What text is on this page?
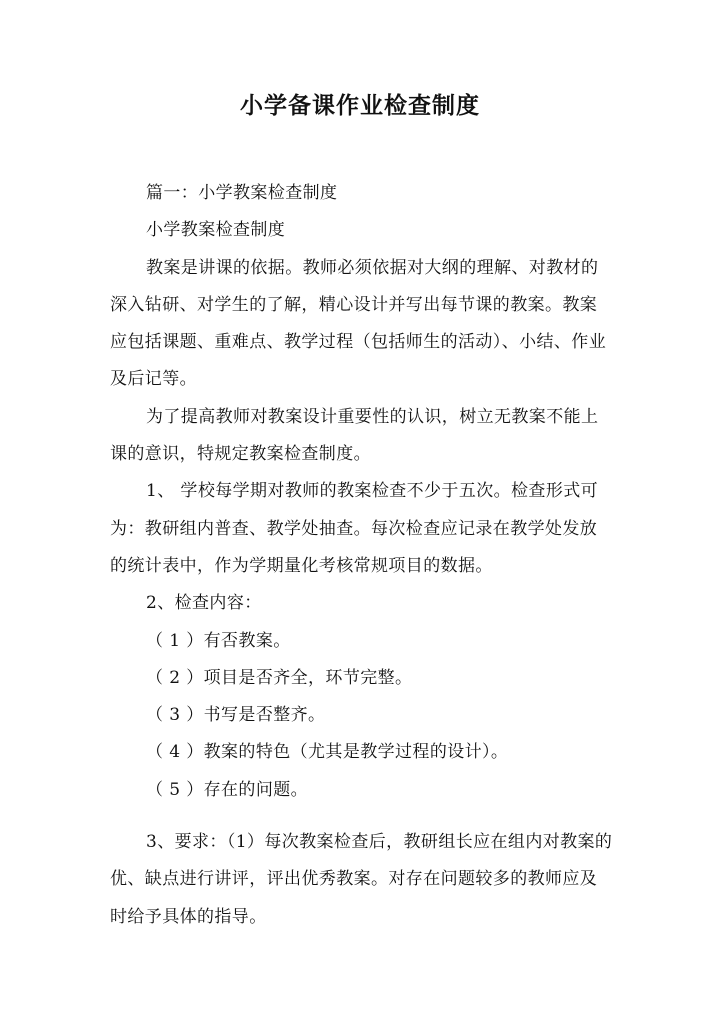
小学备课作业检查制度

篇一：小学教案检查制度

小学教案检查制度

教案是讲课的依据。教师必须依据对大纲的理解、对教材的深入钻研、对学生的了解，精心设计并写出每节课的教案。教案应包括课题、重难点、教学过程（包括师生的活动）、小结、作业及后记等。

为了提高教师对教案设计重要性的认识，树立无教案不能上课的意识，特规定教案检查制度。

1、 学校每学期对教师的教案检查不少于五次。检查形式可为：教研组内普查、教学处抽查。每次检查应记录在教学处发放的统计表中，作为学期量化考核常规项目的数据。

2、检查内容：

（ 1 ）有否教案。

（ 2 ）项目是否齐全，环节完整。

（ 3 ）书写是否整齐。

（ 4 ）教案的特色（尤其是教学过程的设计）。

（ 5 ）存在的问题。

3、要求：（1）每次教案检查后，教研组长应在组内对教案的优、缺点进行讲评，评出优秀教案。对存在问题较多的教师应及时给予具体的指导。
